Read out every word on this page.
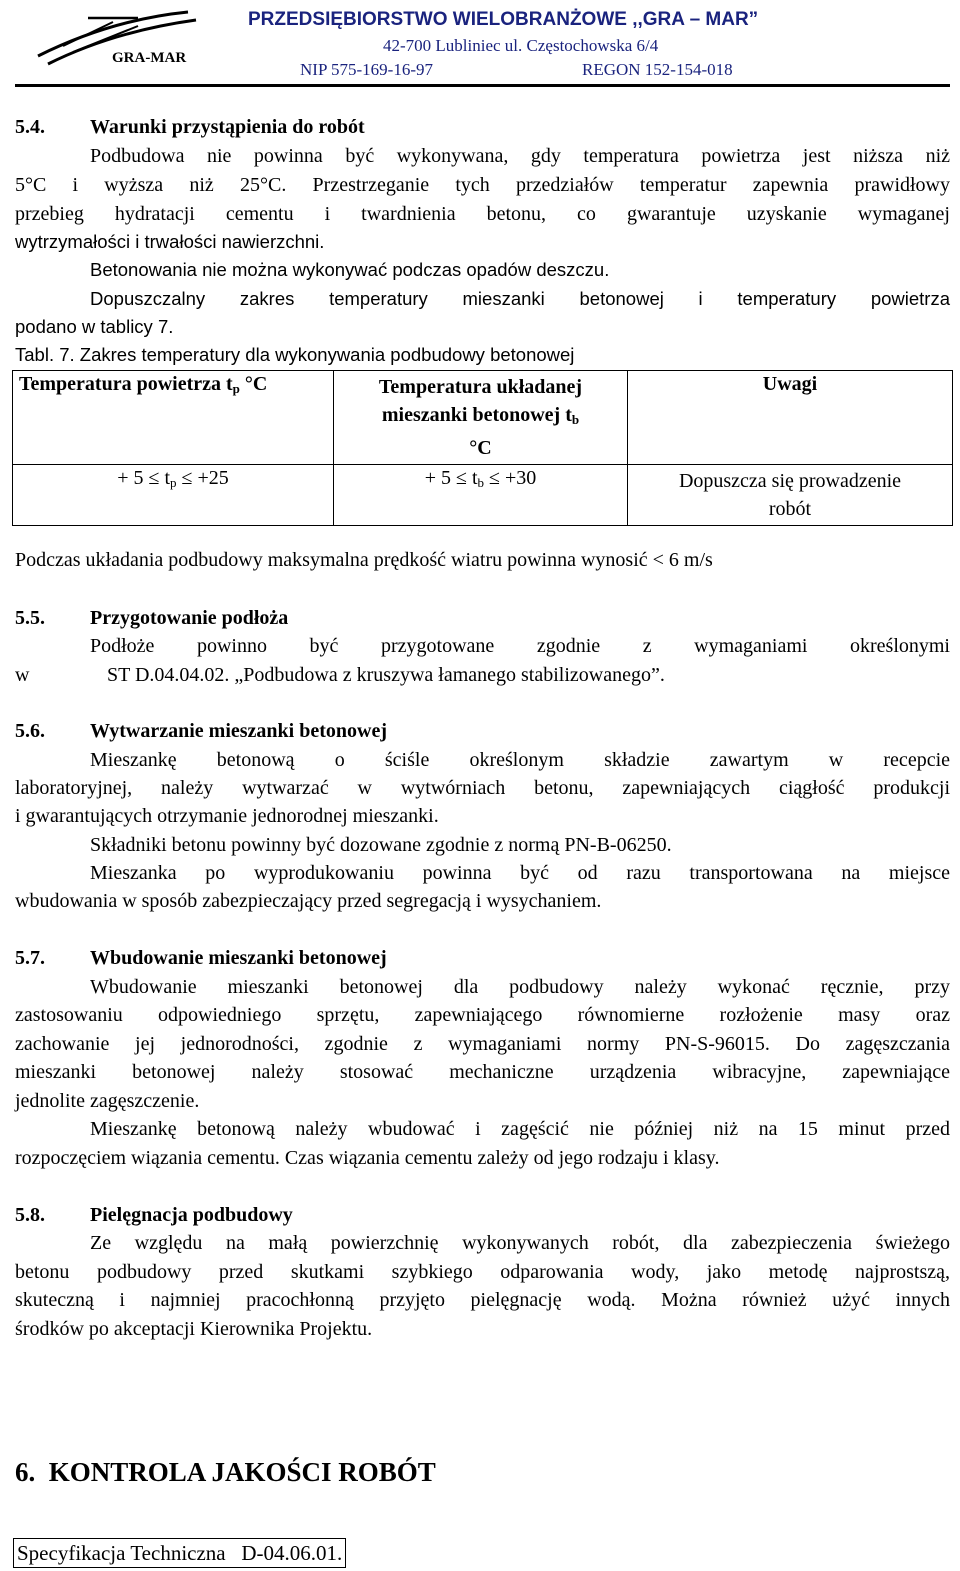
GRA-MAR
PRZEDSIĘBIORSTWO WIELOBRANŻOWE ,,GRA – MAR”
42-700 Lubliniec ul. Częstochowska 6/4
NIP 575-169-16-97	REGON 152-154-018
5.4. Warunki przystąpienia do robót
Podbudowa nie powinna być wykonywana, gdy temperatura powietrza jest niższa niż
5°C i wyższa niż 25°C. Przestrzeganie tych przedziałów temperatur zapewnia prawidłowy
przebieg hydratacji cementu i twardnienia betonu, co gwarantuje uzyskanie wymaganej
wytrzymałości i trwałości nawierzchni.
Betonowania nie można wykonywać podczas opadów deszczu.
Dopuszczalny zakres temperatury mieszanki betonowej i temperatury powietrza
podano w tablicy 7.
Tabl. 7. Zakres temperatury dla wykonywania podbudowy betonowej
Temperatura powietrza $t_p$ °C	Temperatura układanej
mieszanki betonowej $t_b$
°C	Uwagi
+ $5 \le t_p \le +25$	+ $5 \le t_b \le +30$	Dopuszcza się prowadzenie
robót
Podczas układania podbudowy maksymalna prędkość wiatru powinna wynosić < 6 m/s
5.5. Przygotowanie podłoża
Podłoże powinno być przygotowane zgodnie z wymaganiami określonymi
w	ST D.04.04.02. „Podbudowa z kruszywa łamanego stabilizowanego”.
5.6. Wytwarzanie mieszanki betonowej
Mieszankę betonową o ściśle określonym składzie zawartym w recepcie
laboratoryjnej, należy wytwarzać w wytwórniach betonu, zapewniających ciągłość produkcji
i gwarantujących otrzymanie jednorodnej mieszanki.
Składniki betonu powinny być dozowane zgodnie z normą PN-B-06250.
Mieszanka po wyprodukowaniu powinna być od razu transportowana na miejsce
wbudowania w sposób zabezpieczający przed segregacją i wysychaniem.
5.7. Wbudowanie mieszanki betonowej
Wbudowanie mieszanki betonowej dla podbudowy należy wykonać ręcznie, przy
zastosowaniu odpowiedniego sprzętu, zapewniającego równomierne rozłożenie masy oraz
zachowanie jej jednorodności, zgodnie z wymaganiami normy PN-S-96015. Do zagęszczania
mieszanki betonowej należy stosować mechaniczne urządzenia wibracyjne, zapewniające
jednolite zagęszczenie.
Mieszankę betonową należy wbudować i zagęścić nie później niż na 15 minut przed
rozpoczęciem wiązania cementu. Czas wiązania cementu zależy od jego rodzaju i klasy.
5.8. Pielęgnacja podbudowy
Ze względu na małą powierzchnię wykonywanych robót, dla zabezpieczenia świeżego
betonu podbudowy przed skutkami szybkiego odparowania wody, jako metodę najprostszą,
skuteczną i najmniej pracochłonną przyjęto pielęgnację wodą. Można również użyć innych
środków po akceptacji Kierownika Projektu.
6.  KONTROLA JAKOŚCI ROBÓT
Specyfikacja Techniczna   D-04.06.01.
